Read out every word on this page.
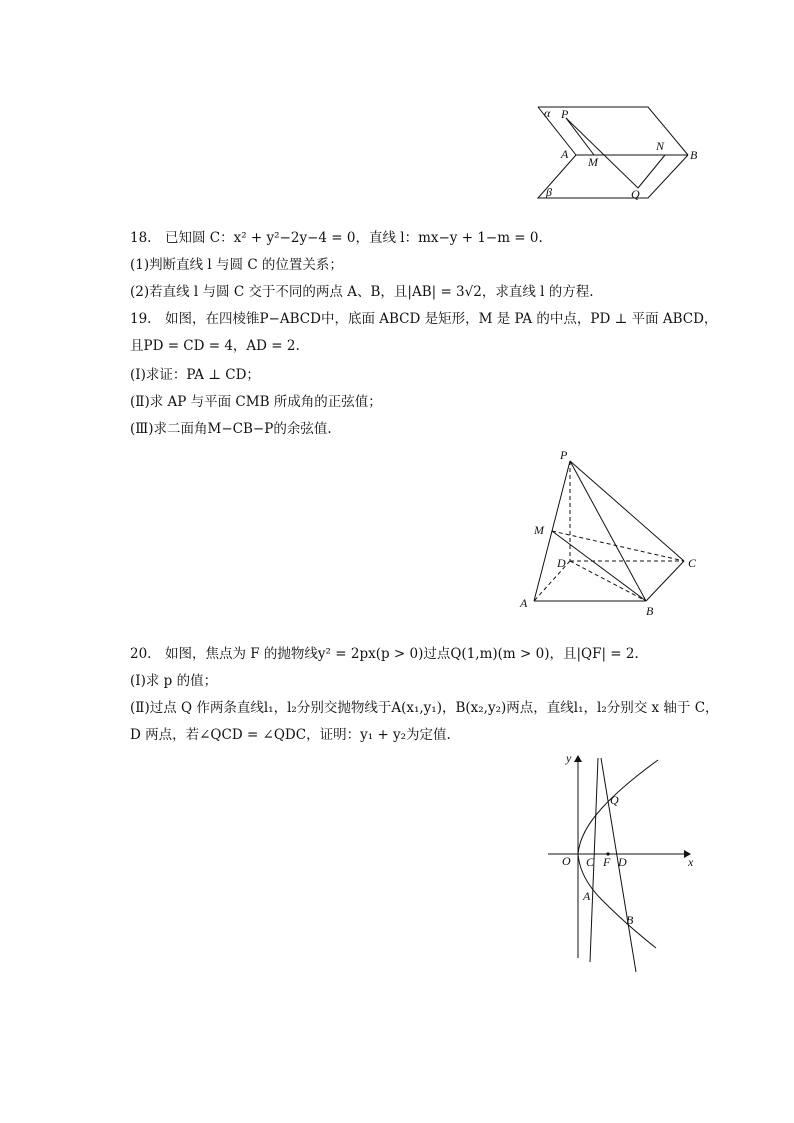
α P
A
M
N
B
β	Q
18.　已知圆 C：x² + y²−2y−4 = 0，直线 l：mx−y + 1−m = 0.
(1)判断直线 l 与圆 C 的位置关系；
(2)若直线 l 与圆 C 交于不同的两点 A、B，且|AB| = 3√2，求直线 l 的方程.
19.　如图，在四棱锥P−ABCD中，底面 ABCD 是矩形，M 是 PA 的中点，PD ⊥ 平面 ABCD，
且PD = CD = 4，AD = 2.
(Ⅰ)求证：PA ⊥ CD；
(Ⅱ)求 AP 与平面 CMB 所成角的正弦值；
(Ⅲ)求二面角M−CB−P的余弦值.
P
M
D	C
A
B
20.　如图，焦点为 F 的抛物线y² = 2px(p > 0)过点Q(1,m)(m > 0)，且|QF| = 2.
(Ⅰ)求 p 的值；
(Ⅱ)过点 Q 作两条直线l₁，l₂分别交抛物线于A(x₁,y₁)，B(x₂,y₂)两点，直线l₁，l₂分别交 x 轴于 C，
D 两点，若∠QCD = ∠QDC，证明：y₁ + y₂为定值.
y
x
O C F D
Q
A
B
